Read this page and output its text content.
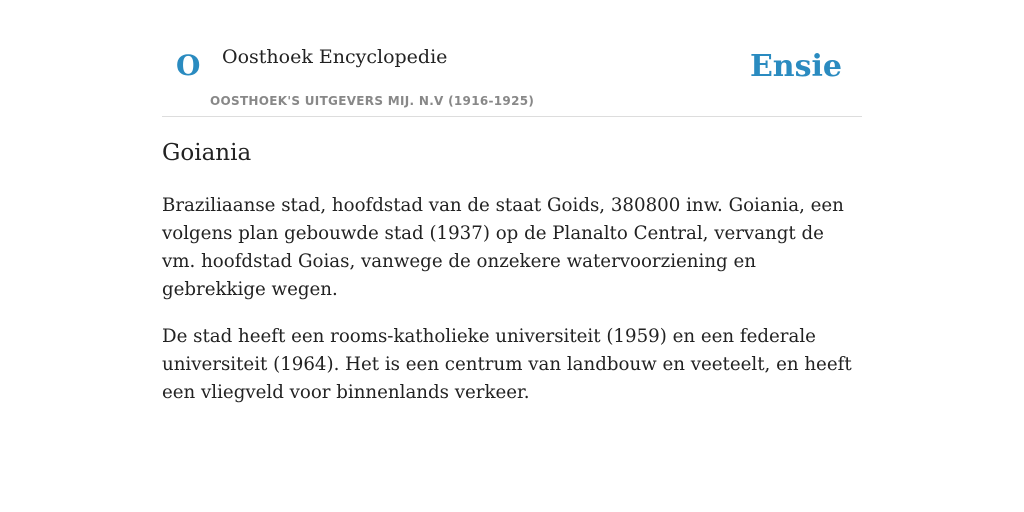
O Oosthoek Encyclopedie
OOSTHOEK'S UITGEVERS MIJ. N.V (1916-1925)
Ensie
Goiania

Braziliaanse stad, hoofdstad van de staat Goids, 380800 inw. Goiania, een volgens plan gebouwde stad (1937) op de Planalto Central, vervangt de vm. hoofdstad Goias, vanwege de onzekere watervoorziening en gebrekkige wegen.

De stad heeft een rooms-katholieke universiteit (1959) en een federale universiteit (1964). Het is een centrum van landbouw en veeteelt, en heeft een vliegveld voor binnenlands verkeer.
